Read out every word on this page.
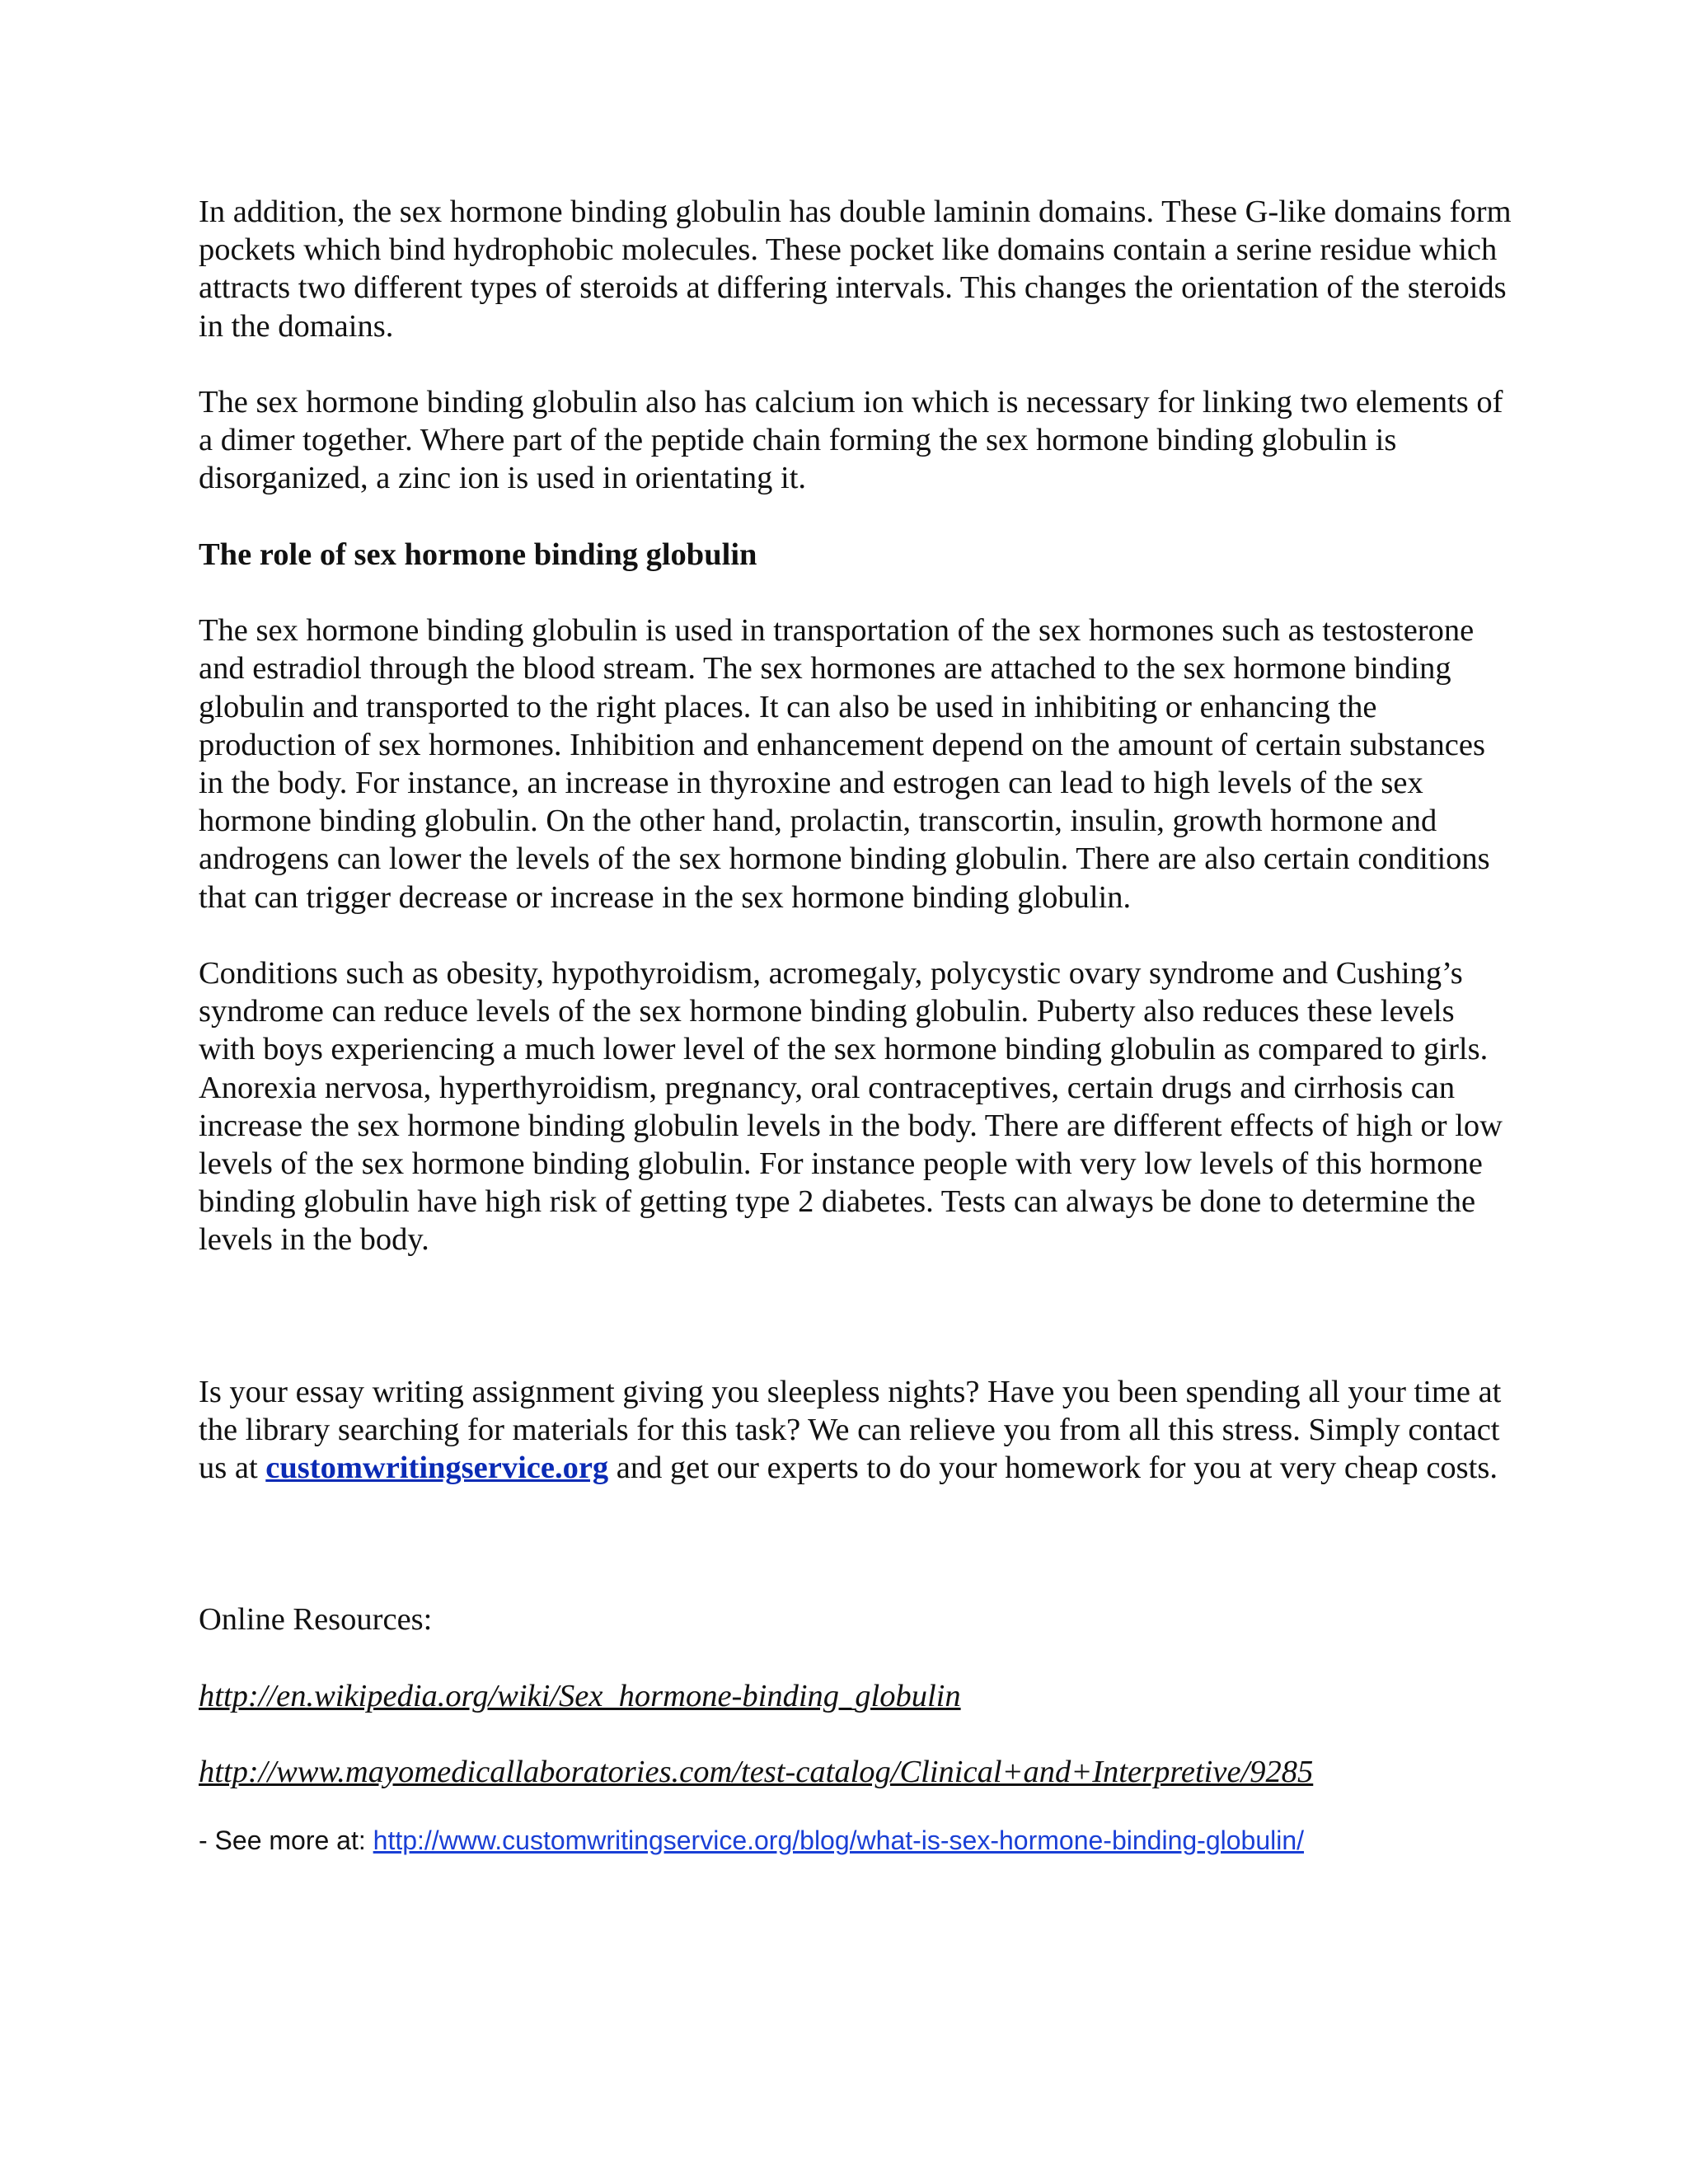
In addition, the sex hormone binding globulin has double laminin domains. These G-like domains form pockets which bind hydrophobic molecules. These pocket like domains contain a serine residue which attracts two different types of steroids at differing intervals. This changes the orientation of the steroids in the domains.

The sex hormone binding globulin also has calcium ion which is necessary for linking two elements of a dimer together. Where part of the peptide chain forming the sex hormone binding globulin is disorganized, a zinc ion is used in orientating it.

The role of sex hormone binding globulin

The sex hormone binding globulin is used in transportation of the sex hormones such as testosterone and estradiol through the blood stream. The sex hormones are attached to the sex hormone binding globulin and transported to the right places. It can also be used in inhibiting or enhancing the production of sex hormones. Inhibition and enhancement depend on the amount of certain substances in the body. For instance, an increase in thyroxine and estrogen can lead to high levels of the sex hormone binding globulin. On the other hand, prolactin, transcortin, insulin, growth hormone and androgens can lower the levels of the sex hormone binding globulin. There are also certain conditions that can trigger decrease or increase in the sex hormone binding globulin.

Conditions such as obesity, hypothyroidism, acromegaly, polycystic ovary syndrome and Cushing’s syndrome can reduce levels of the sex hormone binding globulin. Puberty also reduces these levels with boys experiencing a much lower level of the sex hormone binding globulin as compared to girls. Anorexia nervosa, hyperthyroidism, pregnancy, oral contraceptives, certain drugs and cirrhosis can increase the sex hormone binding globulin levels in the body. There are different effects of high or low levels of the sex hormone binding globulin. For instance people with very low levels of this hormone binding globulin have high risk of getting type 2 diabetes. Tests can always be done to determine the levels in the body.

Is your essay writing assignment giving you sleepless nights? Have you been spending all your time at the library searching for materials for this task? We can relieve you from all this stress. Simply contact us at customwritingservice.org and get our experts to do your homework for you at very cheap costs.

Online Resources:

http://en.wikipedia.org/wiki/Sex_hormone-binding_globulin
http://www.mayomedicallaboratories.com/test-catalog/Clinical+and+Interpretive/9285

- See more at: http://www.customwritingservice.org/blog/what-is-sex-hormone-binding-globulin/
